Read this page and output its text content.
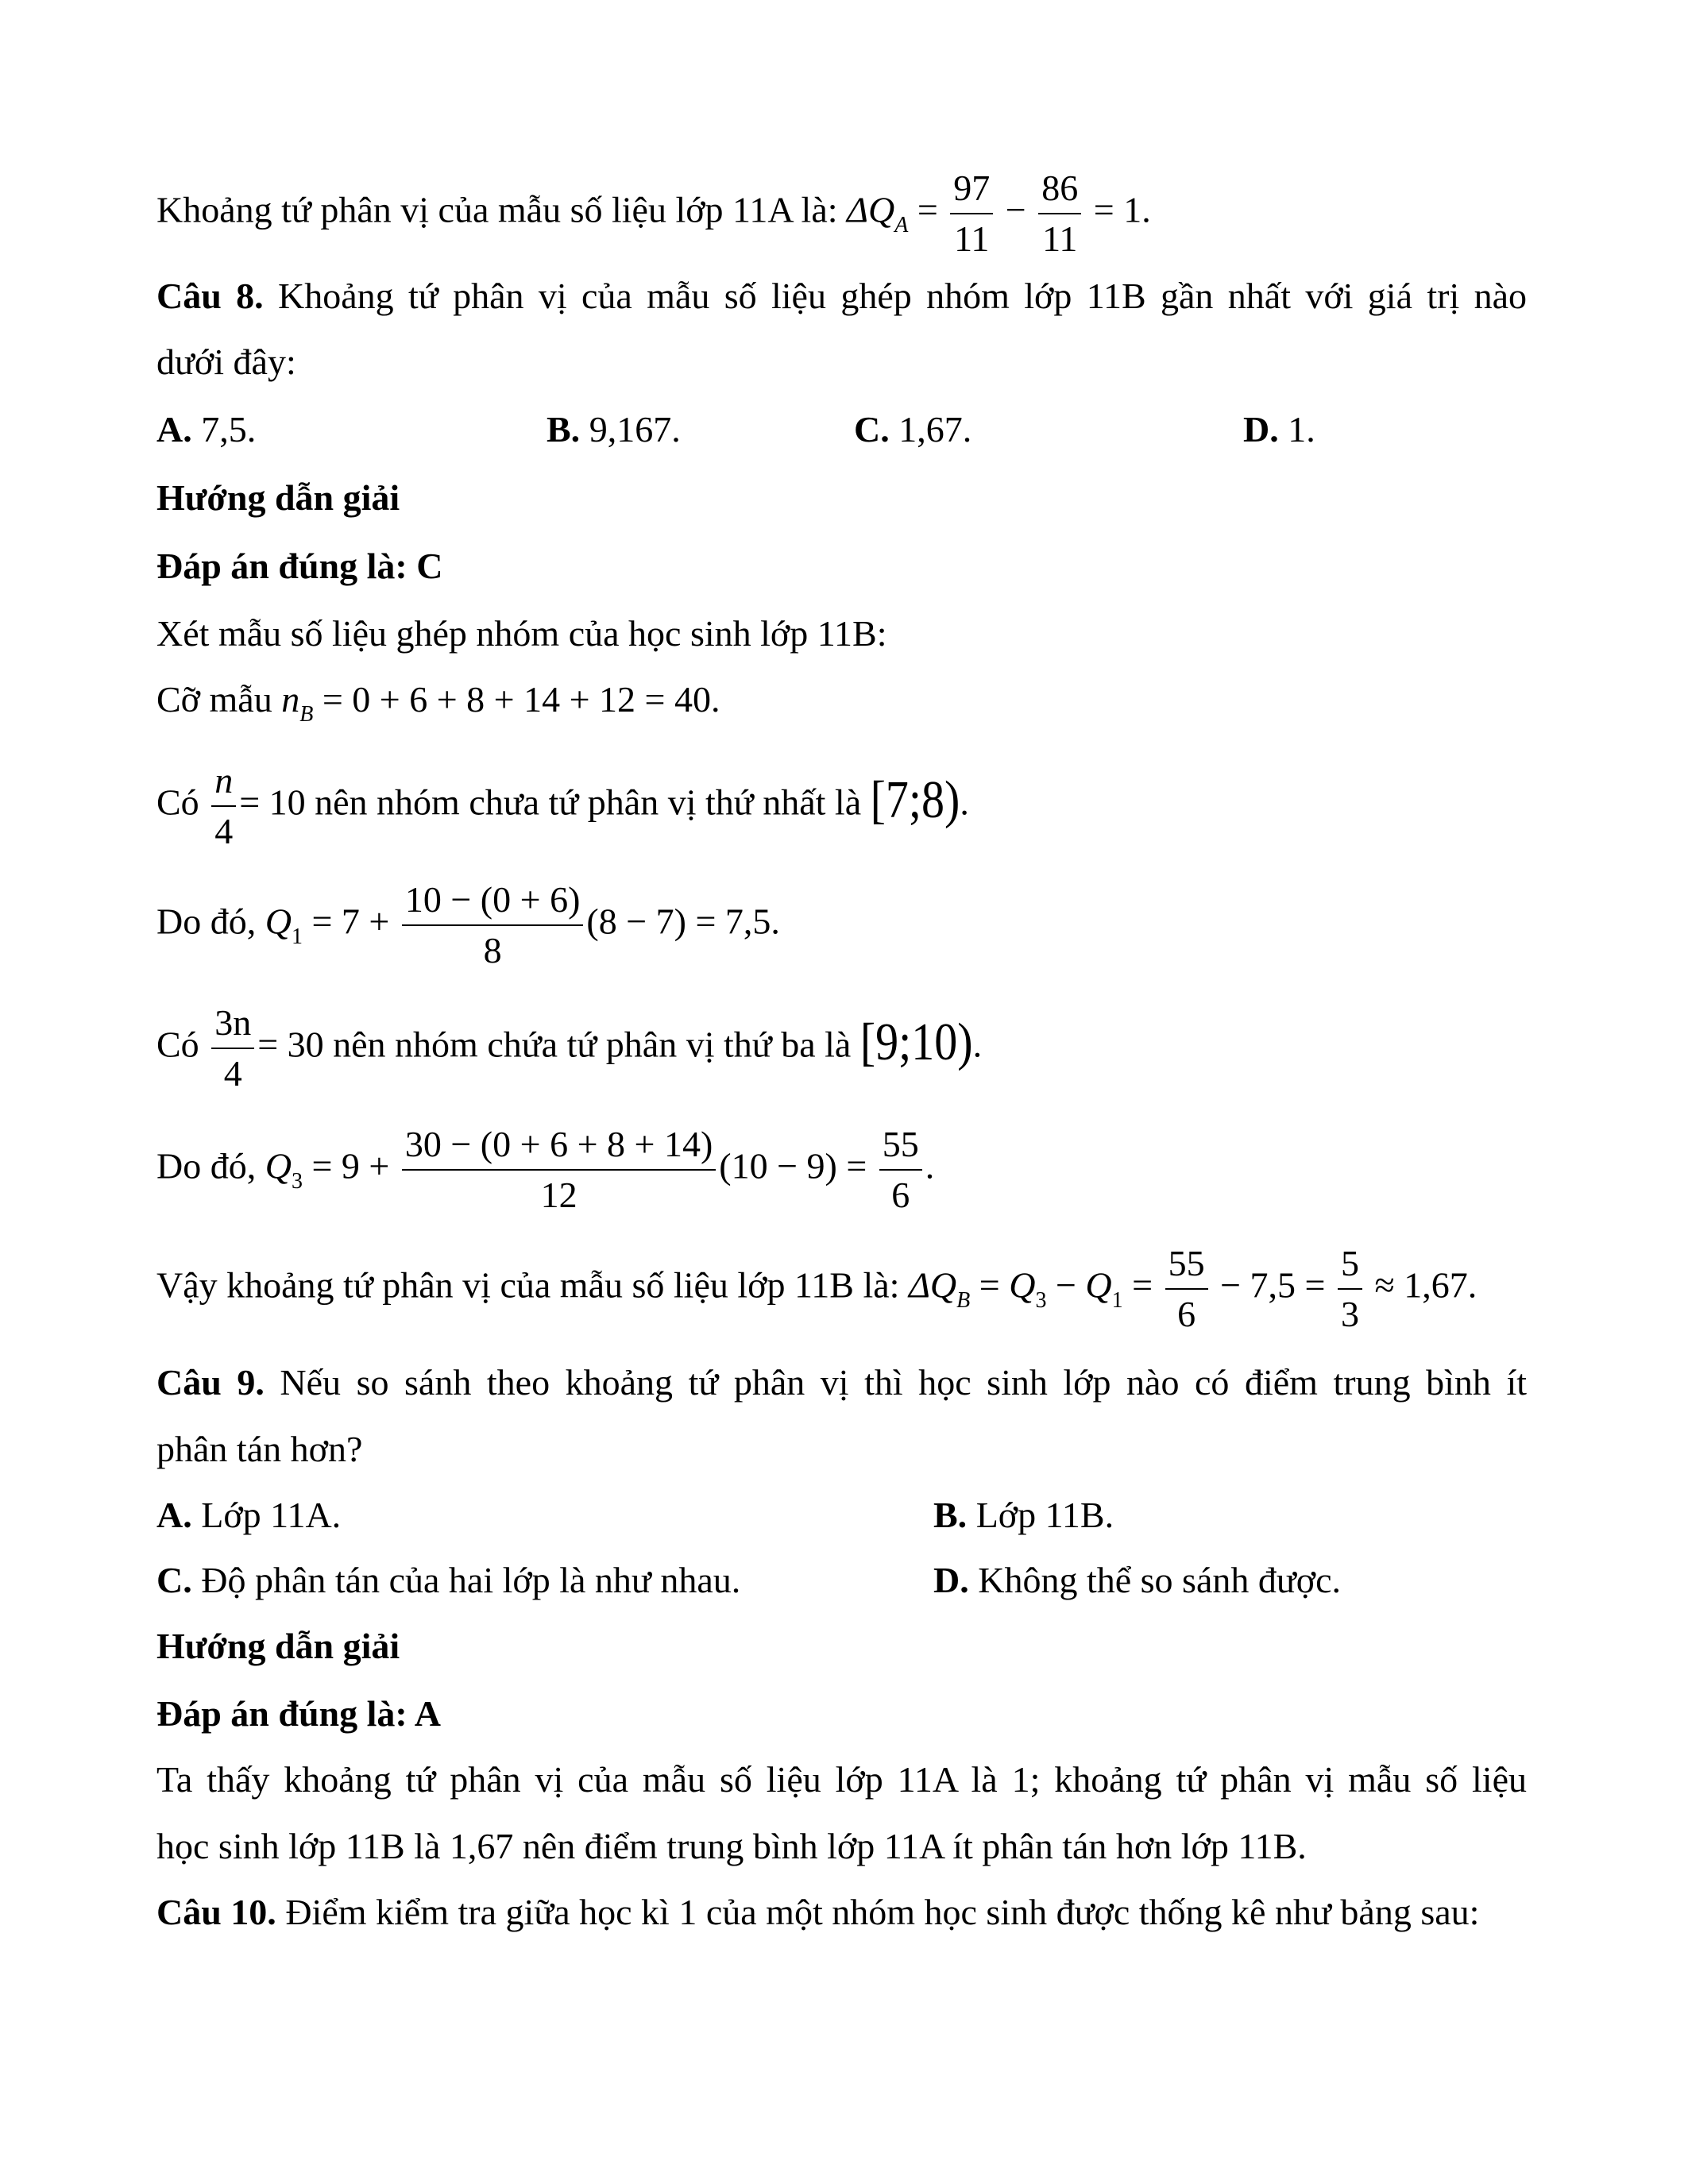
Khoảng tứ phân vị của mẫu số liệu lớp 11A là: $\Delta Q_A = \frac{97}{11} - \frac{86}{11} = 1$.
Câu 8. Khoảng tứ phân vị của mẫu số liệu ghép nhóm lớp 11B gần nhất với giá trị nào
dưới đây:
A. 7,5.	B. 9,167.	C. 1,67.	D. 1.
Hướng dẫn giải
Đáp án đúng là: C
Xét mẫu số liệu ghép nhóm của học sinh lớp 11B:
Cỡ mẫu $n_B = 0 + 6 + 8 + 14 + 12 = 40$.
Có $\frac{n}{4} = 10$ nên nhóm chưa tứ phân vị thứ nhất là [7;8).
Do đó, $Q_1 = 7 + \frac{10 - (0 + 6)}{8} (8 - 7) = 7,5$.
Có $\frac{3n}{4} = 30$ nên nhóm chứa tứ phân vị thứ ba là [9;10).
Do đó, $Q_3 = 9 + \frac{30 - (0 + 6 + 8 + 14)}{12} (10 - 9) = \frac{55}{6}$ .
Vậy khoảng tứ phân vị của mẫu số liệu lớp 11B là: $\Delta Q_B = Q_3 - Q_1 = \frac{55}{6} - 7,5 = \frac{5}{3} \approx 1,67$.
Câu 9. Nếu so sánh theo khoảng tứ phân vị thì học sinh lớp nào có điểm trung bình ít
phân tán hơn?
A. Lớp 11A.	B. Lớp 11B.
C. Độ phân tán của hai lớp là như nhau.	D. Không thể so sánh được.
Hướng dẫn giải
Đáp án đúng là: A
Ta thấy khoảng tứ phân vị của mẫu số liệu lớp 11A là 1; khoảng tứ phân vị mẫu số liệu
học sinh lớp 11B là 1,67 nên điểm trung bình lớp 11A ít phân tán hơn lớp 11B.
Câu 10. Điểm kiểm tra giữa học kì 1 của một nhóm học sinh được thống kê như bảng sau:
